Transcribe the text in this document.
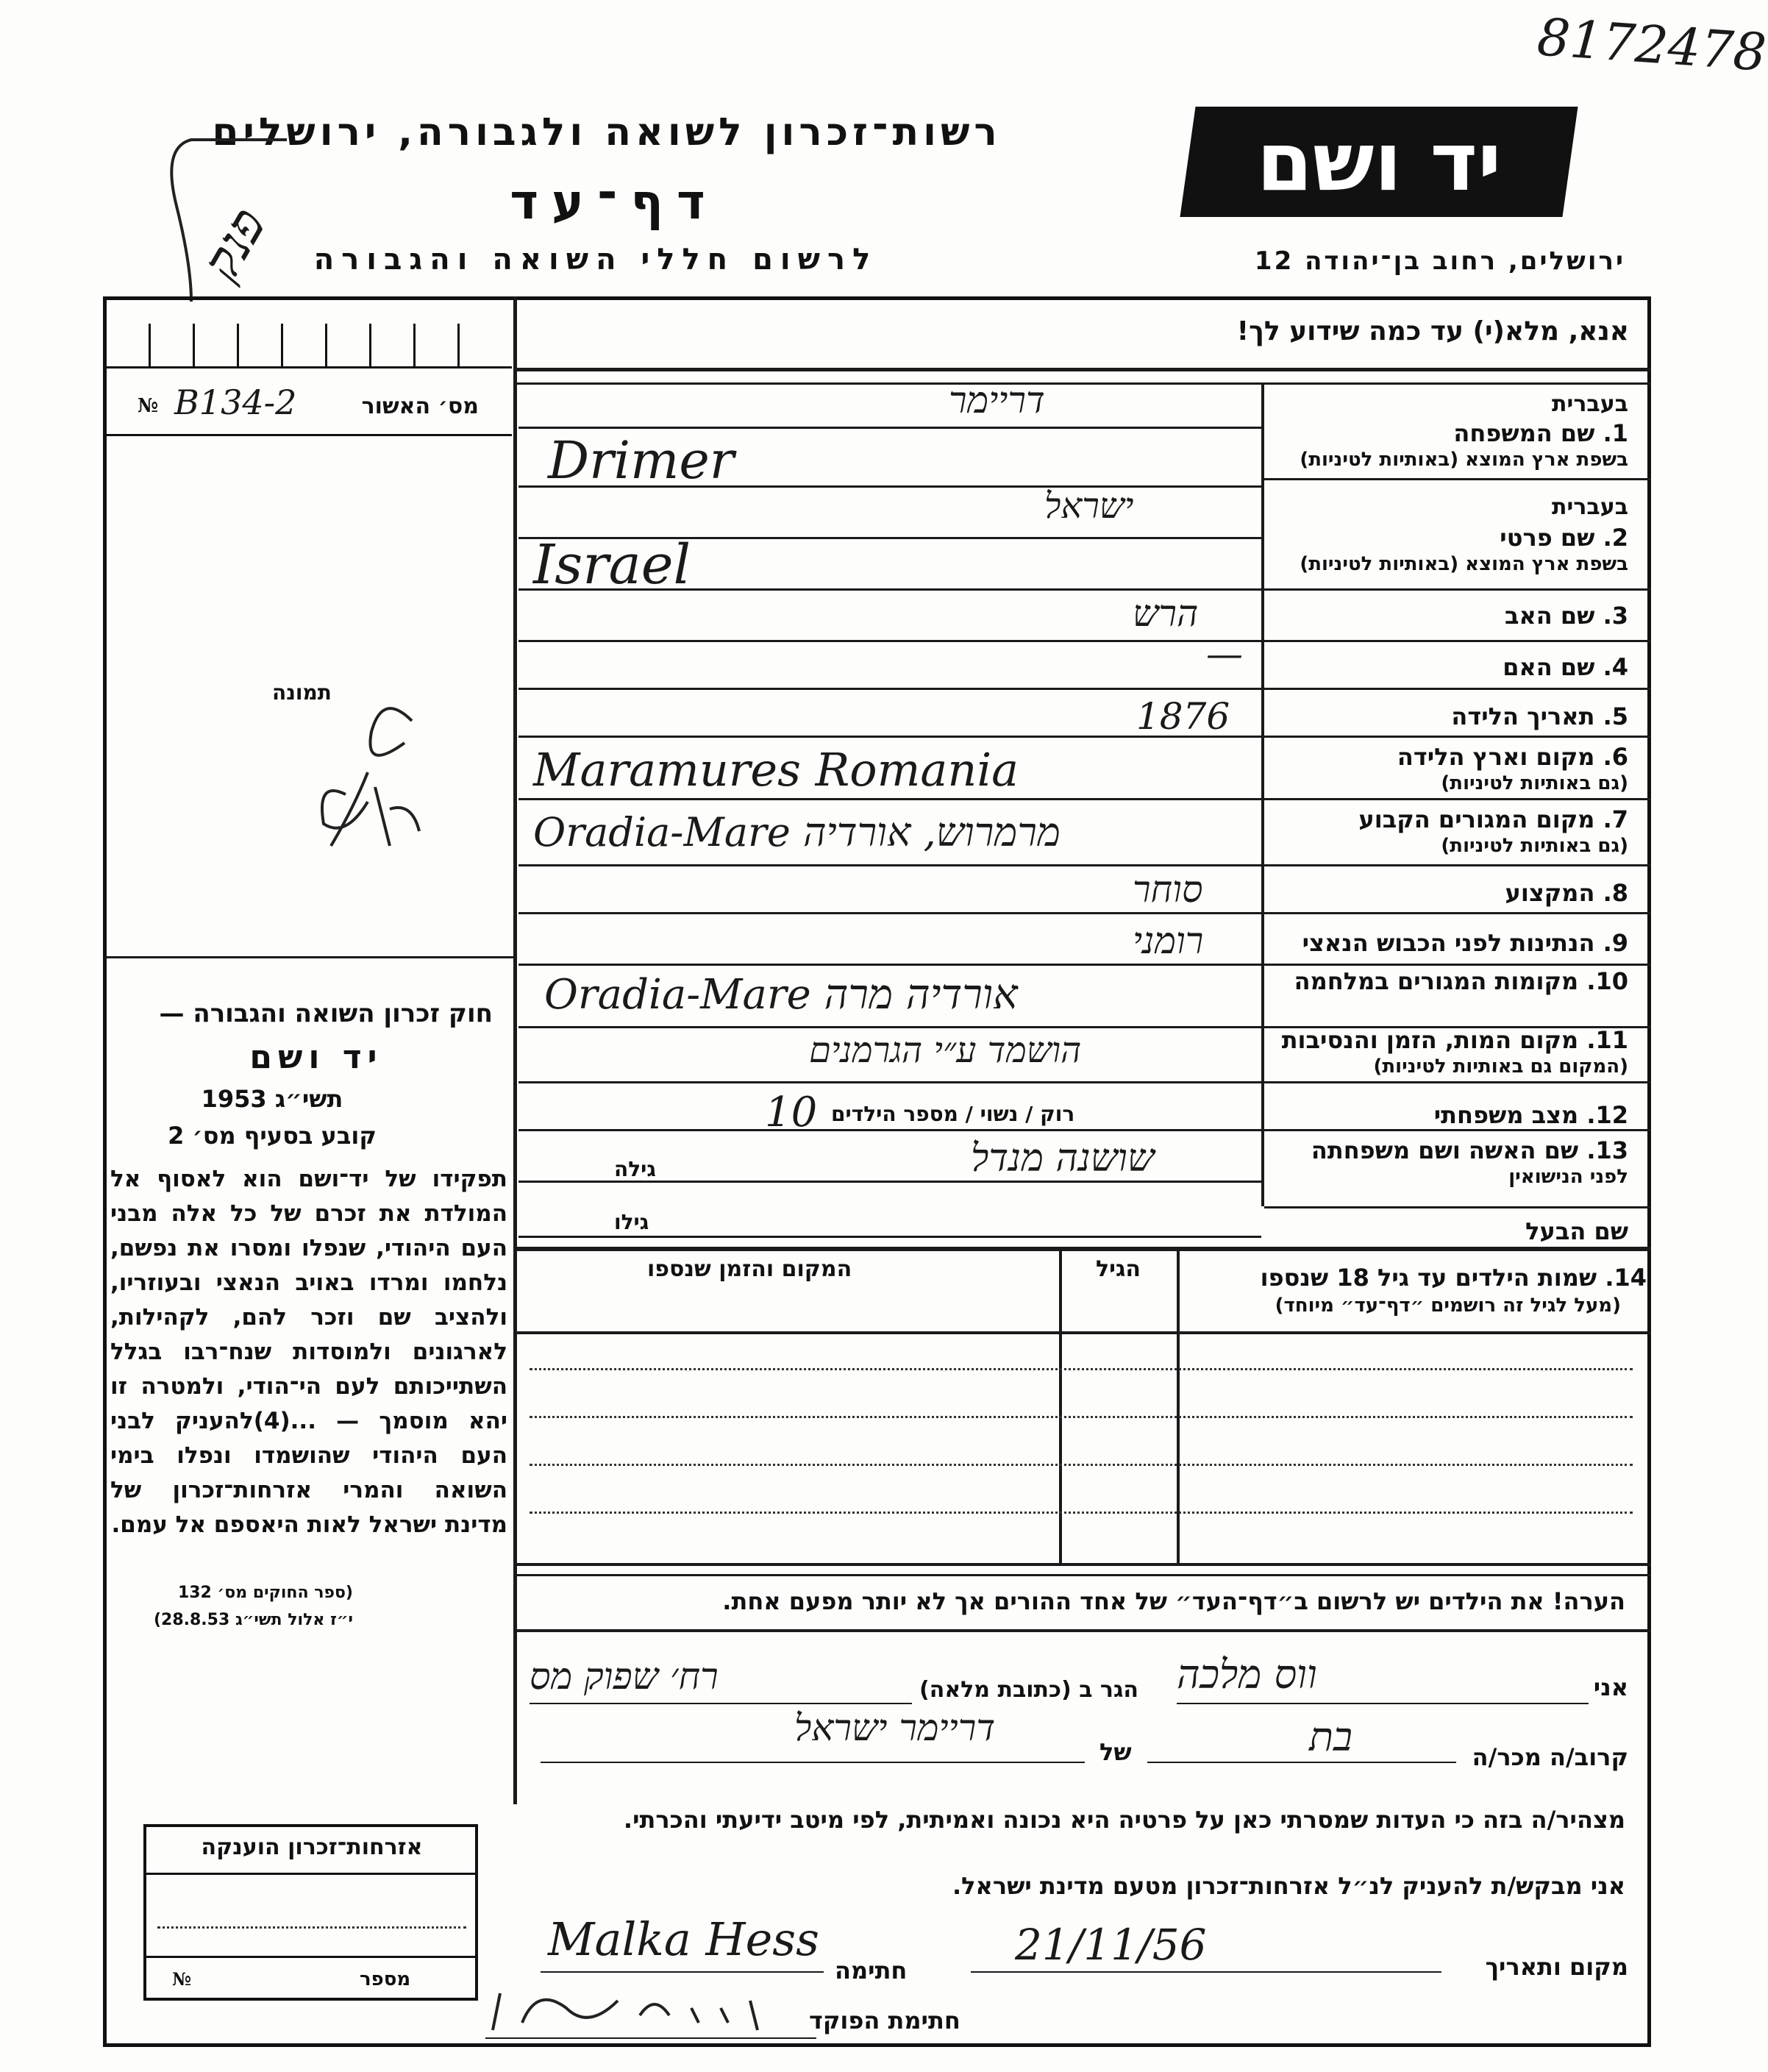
8172478
רשות־זכרון לשואה ולגבורה, ירושלים
דף־עד
לרשום חללי השואה והגבורה
פנק
יד ושם
ירושלים, רחוב בן־יהודה 12
№ B134-2	מס׳ האשור
תמונה
חוק זכרון השואה והגבורה —
יד ושם
תשי״ג 1953
קובע בסעיף מס׳ 2
תפקידו של יד־ושם הוא לאסוף אל המולדת את זכרם של כל אלה מבני העם היהודי, שנפלו ומסרו את נפשם, נלחמו ומרדו באויב הנאצי ובעוזריו, ולהציב שם וזכר להם, לקהילות, לארגונים ולמוסדות שנח־רבו בגלל השתייכותם לעם הי־הודי, ולמטרה זו יהא מוסמך — ...(4)להעניק לבני העם היהודי שהושמדו ונפלו בימי השואה והמרי אזרחות־זכרון של מדינת ישראל לאות היאספם אל עמם.
(ספר החוקים מס׳ 132
י״ז אלול תשי״ג 28.8.53)
אנא, מלא(י) עד כמה שידוע לך!
בעברית
1. שם המשפחה
בשפת ארץ המוצא (באותיות לטיניות)
דריימר
Drimer
בעברית
2. שם פרטי
בשפת ארץ המוצא (באותיות לטיניות)
ישראל
Israel
3. שם האב
הרש
4. שם האם
—
5. תאריך הלידה
1876
6. מקום וארץ הלידה
(גם באותיות לטיניות)
Maramures Romania
7. מקום המגורים הקבוע
(גם באותיות לטיניות)
Oradia-Mare מרמרוש, אורדיה
8. המקצוע
סוחר
9. הנתינות לפני הכבוש הנאצי
רומני
10. מקומות המגורים במלחמה
Oradia-Mare אורדיה מרה
11. מקום המות, הזמן והנסיבות
(המקום גם באותיות לטיניות)
הושמד ע״י הגרמנים
12. מצב משפחתי
רוק / נשוי / מספר הילדים
10
13. שם האשה ושם משפחתה
לפני הנישואין
גילה	שושנה מנדל
שם הבעל
גילו
14. שמות הילדים עד גיל 18 שנספו
(מעל לגיל זה רושמים ״דף־עד״ מיוחד)
הגיל
המקום והזמן שנספו
הערה! את הילדים יש לרשום ב״דף־העד״ של אחד ההורים אך לא יותר מפעם אחת.
אני
ווס מלכה
הגר ב (כתובת מלאה)
רח׳ שפוק מס
קרוב/ה מכר/ה
בת
של
דריימר ישראל
מצהיר/ה בזה כי העדות שמסרתי כאן על פרטיה היא נכונה ואמיתית, לפי מיטב ידיעתי והכרתי.
אני מבקש/ת להעניק לנ״ל אזרחות־זכרון מטעם מדינת ישראל.
מקום ותאריך
21/11/56
חתימה
Malka Hess
חתימת הפוקד
אזרחות־זכרון הוענקה
מספר
№
